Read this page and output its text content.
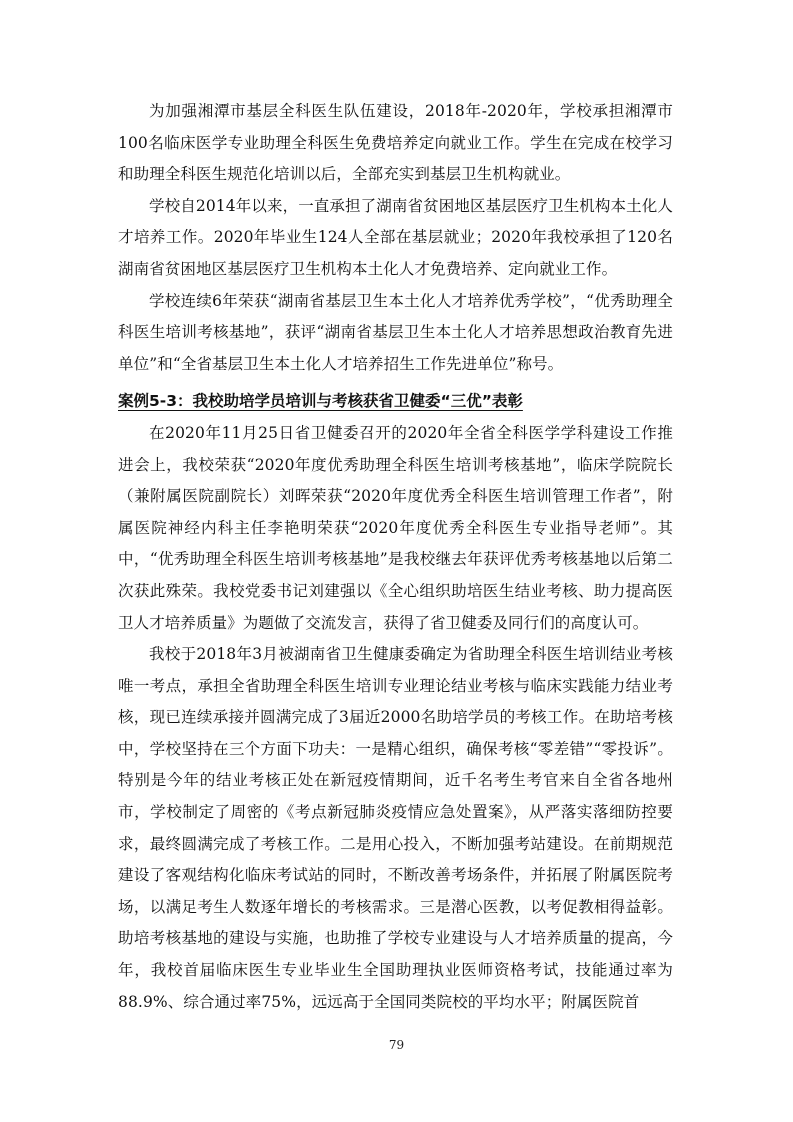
为加强湘潭市基层全科医生队伍建设，2018年-2020年，学校承担湘潭市100名临床医学专业助理全科医生免费培养定向就业工作。学生在完成在校学习和助理全科医生规范化培训以后，全部充实到基层卫生机构就业。

学校自2014年以来，一直承担了湖南省贫困地区基层医疗卫生机构本土化人才培养工作。2020年毕业生124人全部在基层就业；2020年我校承担了120名湖南省贫困地区基层医疗卫生机构本土化人才免费培养、定向就业工作。

学校连续6年荣获“湖南省基层卫生本土化人才培养优秀学校”，“优秀助理全科医生培训考核基地”，获评“湖南省基层卫生本土化人才培养思想政治教育先进单位”和“全省基层卫生本土化人才培养招生工作先进单位”称号。

案例5-3：我校助培学员培训与考核获省卫健委“三优”表彰

在2020年11月25日省卫健委召开的2020年全省全科医学学科建设工作推进会上，我校荣获“2020年度优秀助理全科医生培训考核基地”，临床学院院长（兼附属医院副院长）刘晖荣获“2020年度优秀全科医生培训管理工作者”，附属医院神经内科主任李艳明荣获“2020年度优秀全科医生专业指导老师”。其中，“优秀助理全科医生培训考核基地”是我校继去年获评优秀考核基地以后第二次获此殊荣。我校党委书记刘建强以《全心组织助培医生结业考核、助力提高医卫人才培养质量》为题做了交流发言，获得了省卫健委及同行们的高度认可。

我校于2018年3月被湖南省卫生健康委确定为省助理全科医生培训结业考核唯一考点，承担全省助理全科医生培训专业理论结业考核与临床实践能力结业考核，现已连续承接并圆满完成了3届近2000名助培学员的考核工作。在助培考核中，学校坚持在三个方面下功夫：一是精心组织，确保考核“零差错”“零投诉”。特别是今年的结业考核正处在新冠疫情期间，近千名考生考官来自全省各地州市，学校制定了周密的《考点新冠肺炎疫情应急处置案》，从严落实落细防控要求，最终圆满完成了考核工作。二是用心投入，不断加强考站建设。在前期规范建设了客观结构化临床考试站的同时，不断改善考场条件，并拓展了附属医院考场，以满足考生人数逐年增长的考核需求。三是潜心医教，以考促教相得益彰。助培考核基地的建设与实施，也助推了学校专业建设与人才培养质量的提高，今年，我校首届临床医生专业毕业生全国助理执业医师资格考试，技能通过率为88.9%、综合通过率75%，远远高于全国同类院校的平均水平；附属医院首

79
